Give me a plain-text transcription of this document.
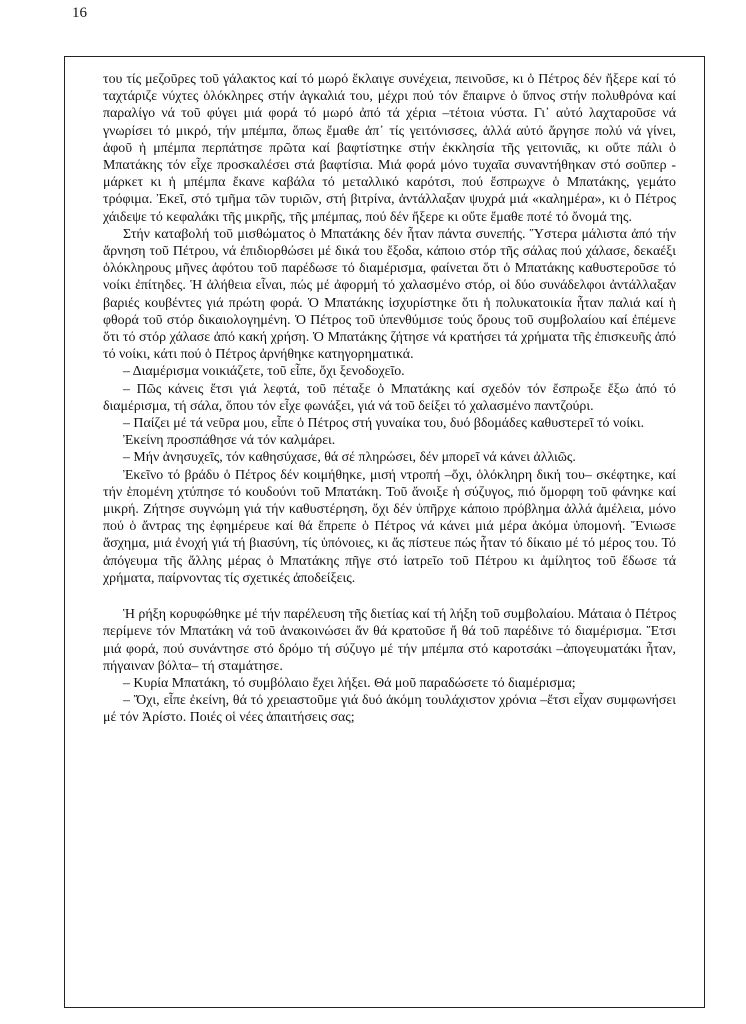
16

του τίς μεζοῦρες τοῦ γάλακτος καί τό μωρό ἔκλαιγε συνέχεια, πεινοῦσε, κι ὁ Πέτρος δέν ἤξερε καί τό ταχτάριζε νύχτες ὁλόκληρες στήν ἀγκαλιά του, μέχρι πού τόν ἔπαιρνε ὁ ὕπνος στήν πολυθρόνα καί παραλίγο νά τοῦ φύγει μιά φορά τό μωρό ἀπό τά χέρια –τέτοια νύστα. Γι᾽ αὐτό λαχταροῦσε νά γνωρίσει τό μικρό, τήν μπέμπα, ὅπως ἔμαθε ἀπ᾽ τίς γειτόνισσες, ἀλλά αὐτό ἄργησε πολύ νά γίνει, ἀφοῦ ἡ μπέμπα περπάτησε πρῶτα καί βαφτίστηκε στήν ἐκκλησία τῆς γειτονιᾶς, κι οὔτε πάλι ὁ Μπατάκης τόν εἶχε προσκαλέσει στά βαφτίσια. Μιά φορά μόνο τυχαῖα συναντήθηκαν στό σοῦπερ - μάρκετ κι ἡ μπέμπα ἔκανε καβάλα τό μεταλλικό καρότσι, πού ἔσπρωχνε ὁ Μπατάκης, γεμάτο τρόφιμα. Ἐκεῖ, στό τμῆμα τῶν τυριῶν, στή βιτρίνα, ἀντάλλαξαν ψυχρά μιά «καλημέρα», κι ὁ Πέτρος χάιδεψε τό κεφαλάκι τῆς μικρῆς, τῆς μπέμπας, πού δέν ἤξερε κι οὔτε ἔμαθε ποτέ τό ὄνομά της.

Στήν καταβολή τοῦ μισθώματος ὁ Μπατάκης δέν ἦταν πάντα συνεπής. Ὕστερα μάλιστα ἀπό τήν ἄρνηση τοῦ Πέτρου, νά ἐπιδιορθώσει μέ δικά του ἔξοδα, κάποιο στόρ τῆς σάλας πού χάλασε, δεκαέξι ὁλόκληρους μῆνες ἀφότου τοῦ παρέδωσε τό διαμέρισμα, φαίνεται ὅτι ὁ Μπατάκης καθυστεροῦσε τό νοίκι ἐπίτηδες. Ἡ ἀλήθεια εἶναι, πώς μέ ἀφορμή τό χαλασμένο στόρ, οἱ δύο συνάδελφοι ἀντάλλαξαν βαριές κουβέντες γιά πρώτη φορά. Ὁ Μπατάκης ἰσχυρίστηκε ὅτι ἡ πολυκατοικία ἦταν παλιά καί ἡ φθορά τοῦ στόρ δικαιολογημένη. Ὁ Πέτρος τοῦ ὑπενθύμισε τούς ὅρους τοῦ συμβολαίου καί ἐπέμενε ὅτι τό στόρ χάλασε ἀπό κακή χρήση. Ὁ Μπατάκης ζήτησε νά κρατήσει τά χρήματα τῆς ἐπισκευῆς ἀπό τό νοίκι, κάτι πού ὁ Πέτρος ἀρνήθηκε κατηγορηματικά.

– Διαμέρισμα νοικιάζετε, τοῦ εἶπε, ὄχι ξενοδοχεῖο.

– Πῶς κάνεις ἔτσι γιά λεφτά, τοῦ πέταξε ὁ Μπατάκης καί σχεδόν τόν ἔσπρωξε ἔξω ἀπό τό διαμέρισμα, τή σάλα, ὅπου τόν εἶχε φωνάξει, γιά νά τοῦ δείξει τό χαλασμένο παντζούρι.

– Παίζει μέ τά νεῦρα μου, εἶπε ὁ Πέτρος στή γυναίκα του, δυό βδομάδες καθυστερεῖ τό νοίκι.

Ἐκείνη προσπάθησε νά τόν καλμάρει.

– Μήν ἀνησυχεῖς, τόν καθησύχασε, θά σέ πληρώσει, δέν μπορεῖ νά κάνει ἀλλιῶς.

Ἐκεῖνο τό βράδυ ὁ Πέτρος δέν κοιμήθηκε, μισή ντροπή –ὄχι, ὁλόκληρη δική του– σκέφτηκε, καί τήν ἑπομένη χτύπησε τό κουδούνι τοῦ Μπατάκη. Τοῦ ἄνοιξε ἡ σύζυγος, πιό ὄμορφη τοῦ φάνηκε καί μικρή. Ζήτησε συγνώμη γιά τήν καθυστέρηση, ὄχι δέν ὑπῆρχε κάποιο πρόβλημα ἀλλά ἀμέλεια, μόνο πού ὁ ἄντρας της ἐφημέρευε καί θά ἔπρεπε ὁ Πέτρος νά κάνει μιά μέρα ἀκόμα ὑπομονή. Ἔνιωσε ἄσχημα, μιά ἐνοχή γιά τή βιασύνη, τίς ὑπόνοιες, κι ἄς πίστευε πώς ἦταν τό δίκαιο μέ τό μέρος του. Τό ἀπόγευμα τῆς ἄλλης μέρας ὁ Μπατάκης πῆγε στό ἰατρεῖο τοῦ Πέτρου κι ἀμίλητος τοῦ ἔδωσε τά χρήματα, παίρνοντας τίς σχετικές ἀποδείξεις.

Ἡ ρήξη κορυφώθηκε μέ τήν παρέλευση τῆς διετίας καί τή λήξη τοῦ συμβολαίου. Μάταια ὁ Πέτρος περίμενε τόν Μπατάκη νά τοῦ ἀνακοινώσει ἄν θά κρατοῦσε ἤ θά τοῦ παρέδινε τό διαμέρισμα. Ἔτσι μιά φορά, πού συνάντησε στό δρόμο τή σύζυγο μέ τήν μπέμπα στό καροτσάκι –ἀπογευματάκι ἦταν, πήγαιναν βόλτα– τή σταμάτησε.

– Κυρία Μπατάκη, τό συμβόλαιο ἔχει λήξει. Θά μοῦ παραδώσετε τό διαμέρισμα;

– Ὄχι, εἶπε ἐκείνη, θά τό χρειαστοῦμε γιά δυό ἀκόμη τουλάχιστον χρόνια –ἔτσι εἶχαν συμφωνήσει μέ τόν Ἀρίστο. Ποιές οἱ νέες ἀπαιτήσεις σας;
